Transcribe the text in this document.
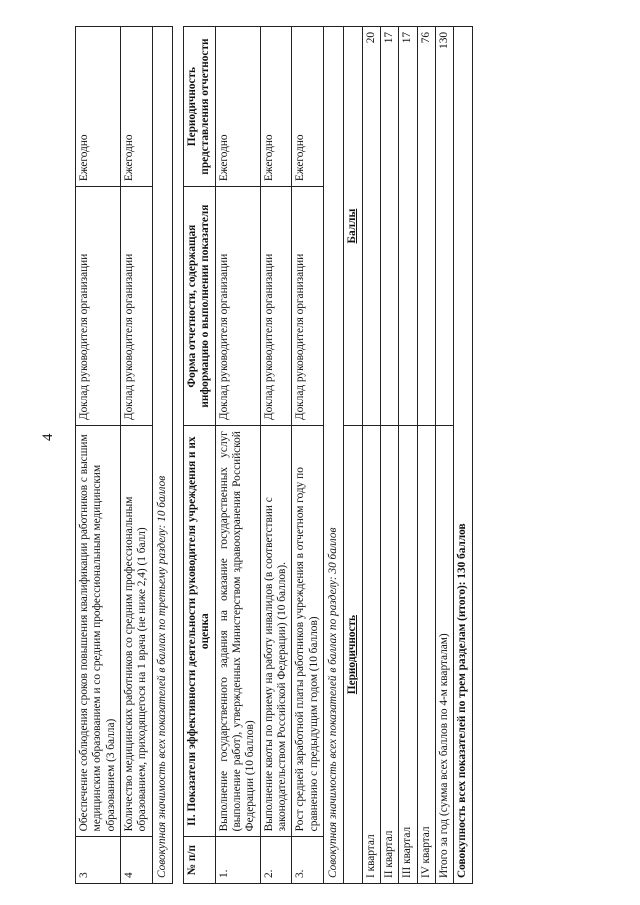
4
3	Обеспечение соблюдения сроков повышения квалификации работников с высшим медицинским образованием и со средним профессиональным медицинским образованием (3 балла)	Доклад руководителя организации	Ежегодно
4	Количество медицинских работников со средним профессиональным образованием, приходящегося на 1 врача (не ниже 2,4) (1 балл)	Доклад руководителя организации	Ежегодно
Совокупная значимость всех показателей в баллах по третьему разделу: 10 баллов			

№ п/п	II. Показатели эффективности деятельности руководителя учреждения и их оценка	Форма отчетности, содержащая информацию о выполнении показателя	Периодичность представления отчетности
1.	Выполнение государственного задания на оказание государственных услуг (выполнение работ), утвержденных Министерством здравоохранения Российской Федерации (10 баллов)	Доклад руководителя организации	Ежегодно
2.	Выполнение квоты по приему на работу инвалидов (в соответствии с законодательством Российской Федерации) (10 баллов).	Доклад руководителя организации	Ежегодно
3.	Рост средней заработной платы работников учреждения в отчетном году по сравнению с предыдущим годом (10 баллов)	Доклад руководителя организации	Ежегодно
Совокупная значимость всех показателей в баллах по разделу: 30 баллов			
Периодичность		Баллы	
I квартал		20	
II квартал		17	
III квартал		17	
IV квартал		76	
Итого за год (сумма всех баллов по 4-м кварталам)		130	
Совокупность всех показателей по трем разделам (итого): 130 баллов			
